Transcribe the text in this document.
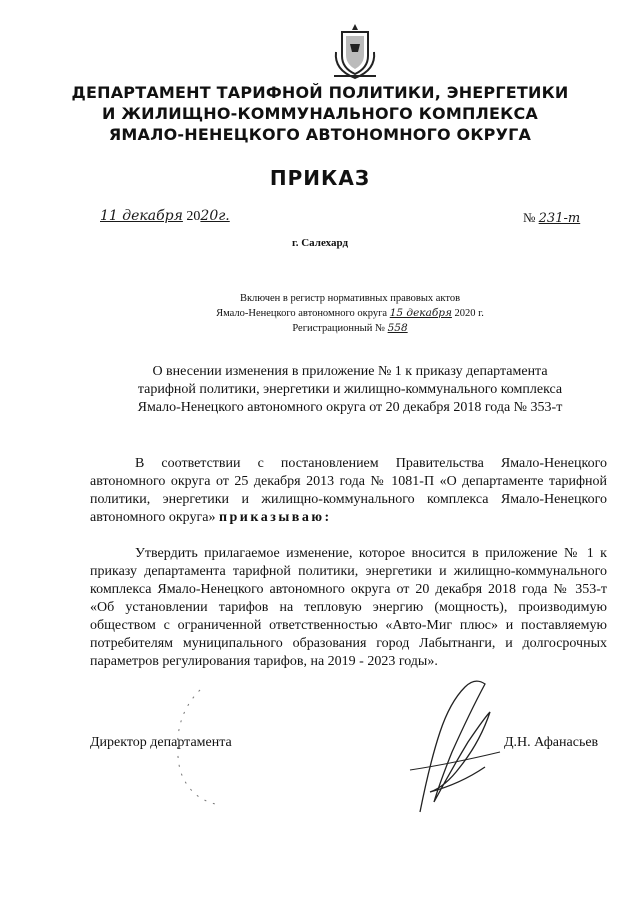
ДЕПАРТАМЕНТ ТАРИФНОЙ ПОЛИТИКИ, ЭНЕРГЕТИКИ
И ЖИЛИЩНО-КОММУНАЛЬНОГО КОМПЛЕКСА
ЯМАЛО-НЕНЕЦКОГО АВТОНОМНОГО ОКРУГА
ПРИКАЗ
11 декабря 2020г.	№ 231-т
г. Салехард
Включен в регистр нормативных правовых актов
Ямало-Ненецкого автономного округа 15 декабря 2020 г.
Регистрационный № 558
О внесении изменения в приложение № 1 к приказу департамента
тарифной политики, энергетики и жилищно-коммунального комплекса
Ямало-Ненецкого автономного округа от 20 декабря 2018 года № 353-т
В соответствии с постановлением Правительства Ямало-Ненецкого автономного округа от 25 декабря 2013 года № 1081-П «О департаменте тарифной политики, энергетики и жилищно-коммунального комплекса Ямало-Ненецкого автономного округа» приказываю:
Утвердить прилагаемое изменение, которое вносится в приложение № 1 к приказу департамента тарифной политики, энергетики и жилищно-коммунального комплекса Ямало-Ненецкого автономного округа от 20 декабря 2018 года № 353-т «Об установлении тарифов на тепловую энергию (мощность), производимую обществом с ограниченной ответственностью «Авто-Миг плюс» и поставляемую потребителям муниципального образования город Лабытнанги, и долгосрочных параметров регулирования тарифов, на 2019 - 2023 годы».
Директор департамента	Д.Н. Афанасьев
